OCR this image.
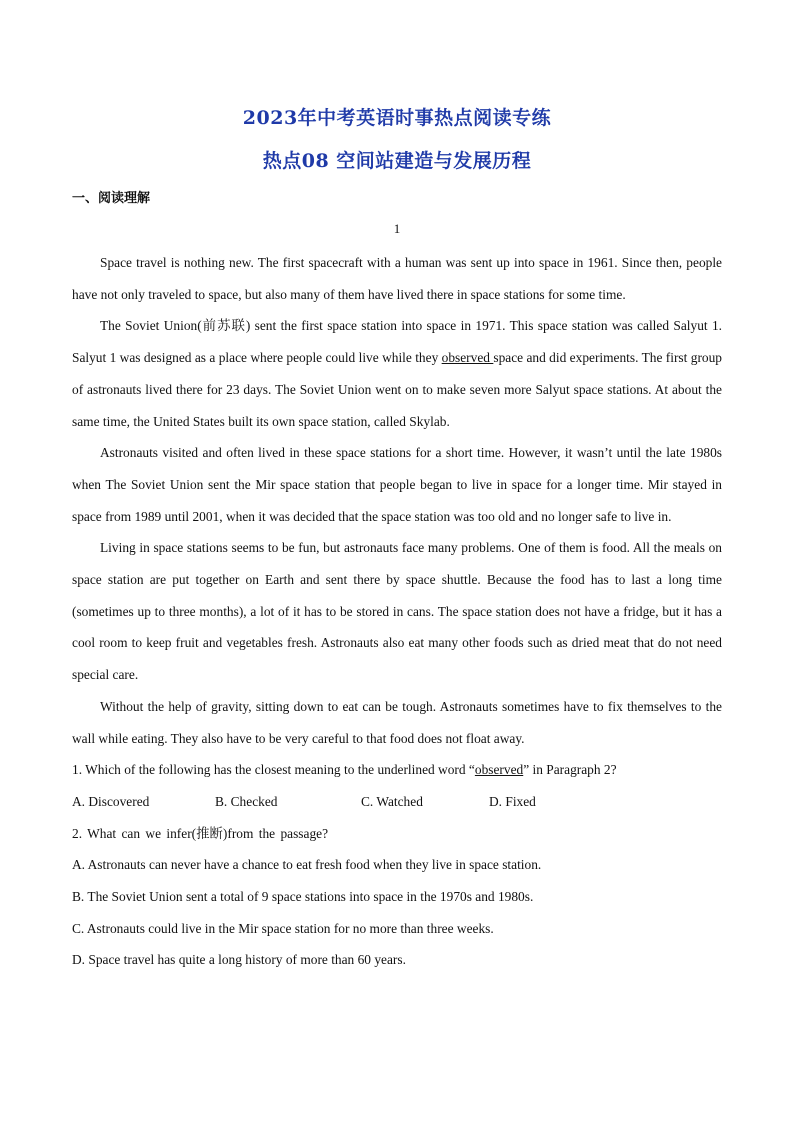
2023年中考英语时事热点阅读专练
热点08 空间站建造与发展历程
一、阅读理解
1

Space travel is nothing new. The first spacecraft with a human was sent up into space in 1961. Since then, people have not only traveled to space, but also many of them have lived there in space stations for some time.

The Soviet Union(前苏联) sent the first space station into space in 1971. This space station was called Salyut 1. Salyut 1 was designed as a place where people could live while they observed space and did experiments. The first group of astronauts lived there for 23 days. The Soviet Union went on to make seven more Salyut space stations. At about the same time, the United States built its own space station, called Skylab.

Astronauts visited and often lived in these space stations for a short time. However, it wasn’t until the late 1980s when The Soviet Union sent the Mir space station that people began to live in space for a longer time. Mir stayed in space from 1989 until 2001, when it was decided that the space station was too old and no longer safe to live in.

Living in space stations seems to be fun, but astronauts face many problems. One of them is food. All the meals on space station are put together on Earth and sent there by space shuttle. Because the food has to last a long time (sometimes up to three months), a lot of it has to be stored in cans. The space station does not have a fridge, but it has a cool room to keep fruit and vegetables fresh. Astronauts also eat many other foods such as dried meat that do not need special care.

Without the help of gravity, sitting down to eat can be tough. Astronauts sometimes have to fix themselves to the wall while eating. They also have to be very careful to that food does not float away.

1. Which of the following has the closest meaning to the underlined word “observed” in Paragraph 2?

A. Discovered	B. Checked	C. Watched	D. Fixed

2. What can we infer(推断)from the passage?

A. Astronauts can never have a chance to eat fresh food when they live in space station.

B. The Soviet Union sent a total of 9 space stations into space in the 1970s and 1980s.

C. Astronauts could live in the Mir space station for no more than three weeks.

D. Space travel has quite a long history of more than 60 years.
